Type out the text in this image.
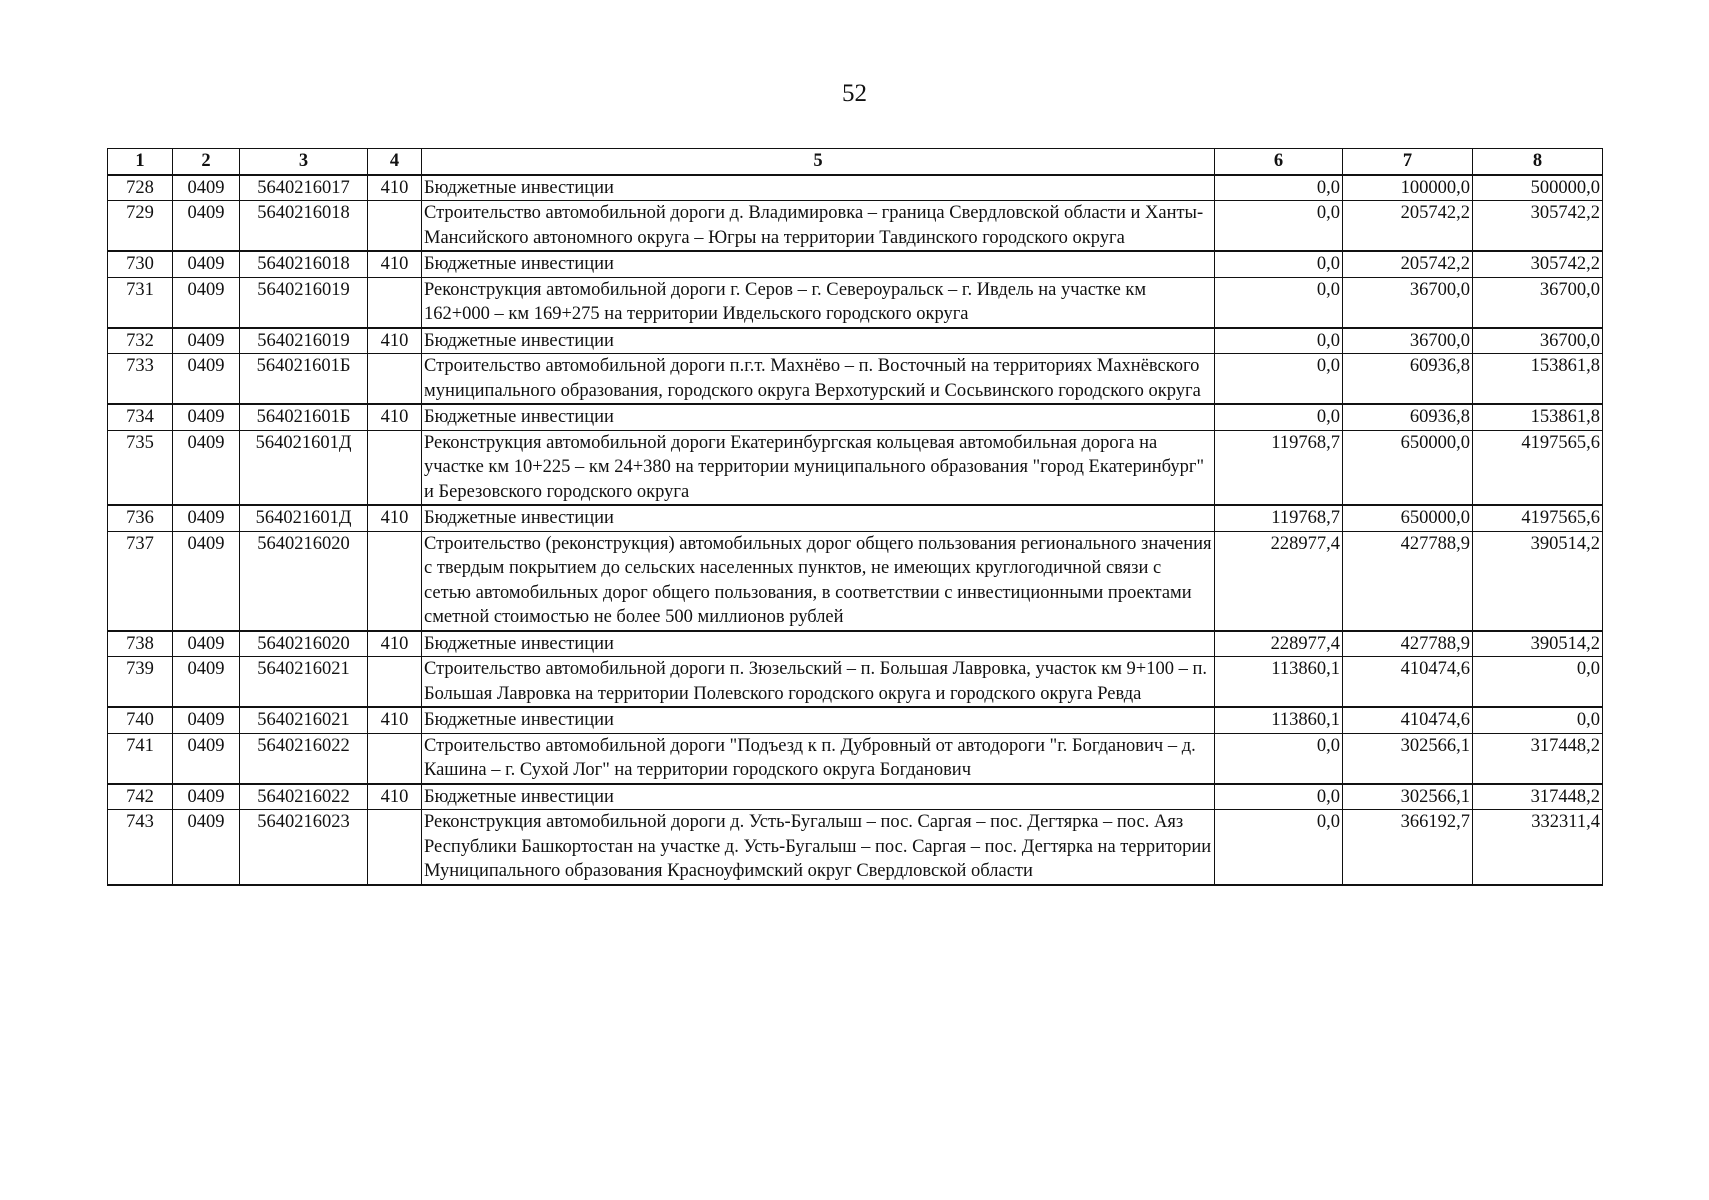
52
1	2	3	4	5	6	7	8
728	0409	5640216017	410	Бюджетные инвестиции	0,0	100000,0	500000,0
729	0409	5640216018		Строительство автомобильной дороги д. Владимировка – граница Свердловской области и Ханты-Мансийского автономного округа – Югры на территории Тавдинского городского округа	0,0	205742,2	305742,2
730	0409	5640216018	410	Бюджетные инвестиции	0,0	205742,2	305742,2
731	0409	5640216019		Реконструкция автомобильной дороги г. Серов – г. Североуральск – г. Ивдель на участке км 162+000 – км 169+275 на территории Ивдельского городского округа	0,0	36700,0	36700,0
732	0409	5640216019	410	Бюджетные инвестиции	0,0	36700,0	36700,0
733	0409	564021601Б		Строительство автомобильной дороги п.г.т. Махнёво – п. Восточный на территориях Махнёвского муниципального образования, городского округа Верхотурский и Сосьвинского городского округа	0,0	60936,8	153861,8
734	0409	564021601Б	410	Бюджетные инвестиции	0,0	60936,8	153861,8
735	0409	564021601Д		Реконструкция автомобильной дороги Екатеринбургская кольцевая автомобильная дорога на участке км 10+225 – км 24+380 на территории муниципального образования "город Екатеринбург" и Березовского городского округа	119768,7	650000,0	4197565,6
736	0409	564021601Д	410	Бюджетные инвестиции	119768,7	650000,0	4197565,6
737	0409	5640216020		Строительство (реконструкция) автомобильных дорог общего пользования регионального значения с твердым покрытием до сельских населенных пунктов, не имеющих круглогодичной связи с сетью автомобильных дорог общего пользования, в соответствии с инвестиционными проектами сметной стоимостью не более 500 миллионов рублей	228977,4	427788,9	390514,2
738	0409	5640216020	410	Бюджетные инвестиции	228977,4	427788,9	390514,2
739	0409	5640216021		Строительство автомобильной дороги п. Зюзельский – п. Большая Лавровка, участок км 9+100 – п. Большая Лавровка на территории Полевского городского округа и городского округа Ревда	113860,1	410474,6	0,0
740	0409	5640216021	410	Бюджетные инвестиции	113860,1	410474,6	0,0
741	0409	5640216022		Строительство автомобильной дороги "Подъезд к п. Дубровный от автодороги "г. Богданович – д. Кашина – г. Сухой Лог" на территории городского округа Богданович	0,0	302566,1	317448,2
742	0409	5640216022	410	Бюджетные инвестиции	0,0	302566,1	317448,2
743	0409	5640216023		Реконструкция автомобильной дороги д. Усть-Бугалыш – пос. Саргая – пос. Дегтярка – пос. Аяз Республики Башкортостан на участке д. Усть-Бугалыш – пос. Саргая – пос. Дегтярка на территории Муниципального образования Красноуфимский округ Свердловской области	0,0	366192,7	332311,4
